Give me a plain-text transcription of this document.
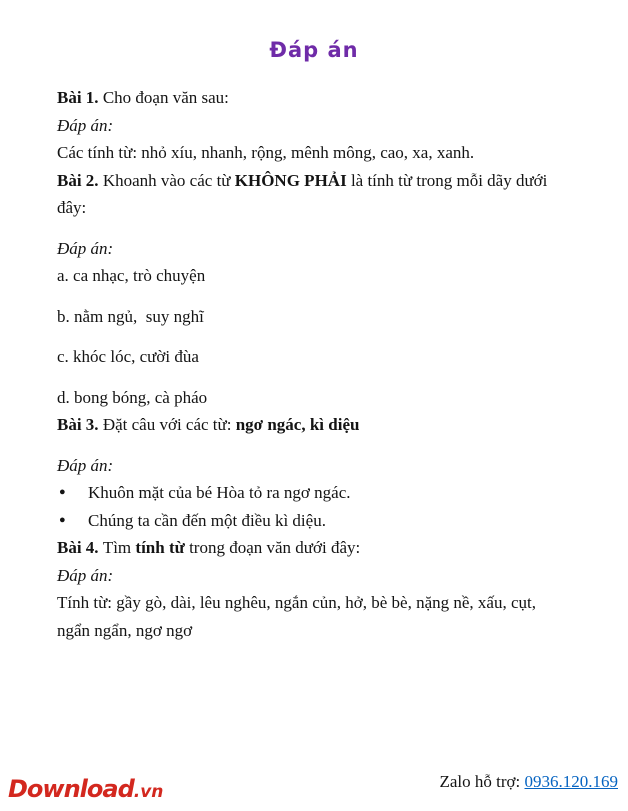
Đáp án

Bài 1. Cho đoạn văn sau:

Đáp án:

Các tính từ: nhỏ xíu, nhanh, rộng, mênh mông, cao, xa, xanh.

Bài 2. Khoanh vào các từ KHÔNG PHẢI là tính từ trong mỗi dãy dưới đây:

Đáp án:

a. ca nhạc, trò chuyện

b. nằm ngủ,  suy nghĩ

c. khóc lóc, cười đùa

d. bong bóng, cà pháo

Bài 3. Đặt câu với các từ: ngơ ngác, kì diệu

Đáp án:

● Khuôn mặt của bé Hòa tỏ ra ngơ ngác.

● Chúng ta cần đến một điều kì diệu.

Bài 4. Tìm tính từ trong đoạn văn dưới đây:

Đáp án:

Tính từ: gầy gò, dài, lêu nghêu, ngắn củn, hở, bè bè, nặng nề, xấu, cụt, ngẩn ngẩn, ngơ ngơ

Download.vn
Zalo hỗ trợ: 0936.120.169
